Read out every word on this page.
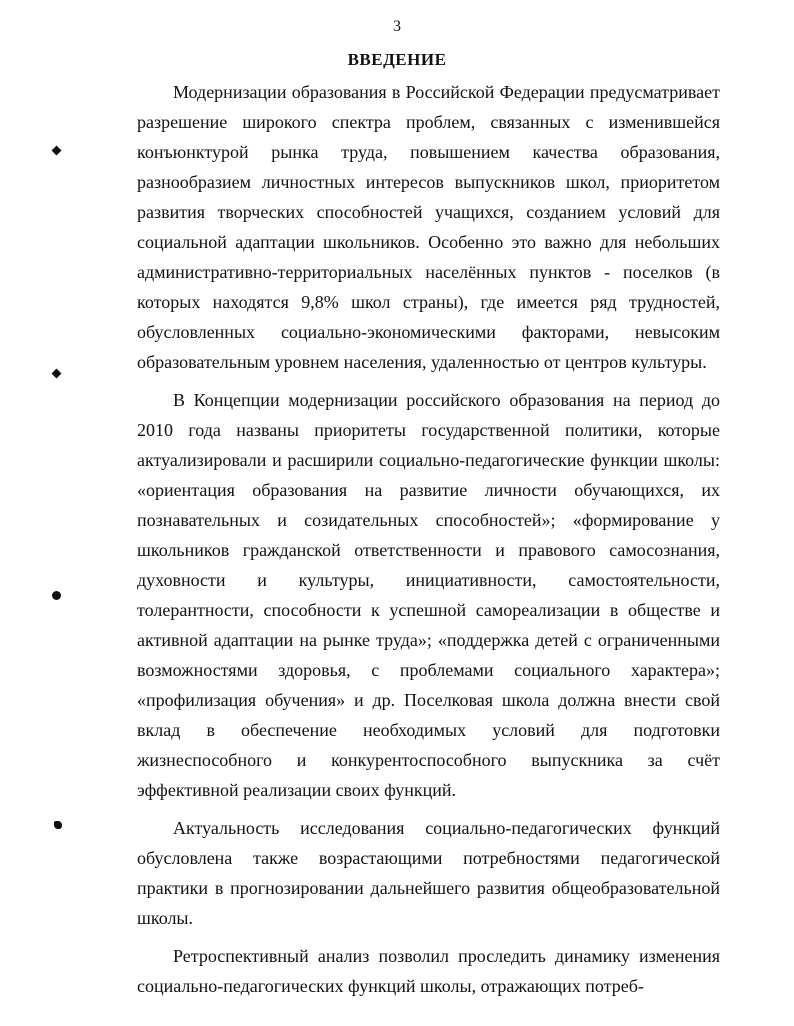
3
ВВЕДЕНИЕ

Модернизации образования в Российской Федерации предусматривает разрешение широкого спектра проблем, связанных с изменившейся конъюнктурой рынка труда, повышением качества образования, разнообразием личностных интересов выпускников школ, приоритетом развития творческих способностей учащихся, созданием условий для социальной адаптации школьников. Особенно это важно для небольших административно-территориальных населённых пунктов - поселков (в которых находятся 9,8% школ страны), где имеется ряд трудностей, обусловленных социально-экономическими факторами, невысоким образовательным уровнем населения, удаленностью от центров культуры.

В Концепции модернизации российского образования на период до 2010 года названы приоритеты государственной политики, которые актуализировали и расширили социально-педагогические функции школы: «ориентация образования на развитие личности обучающихся, их познавательных и созидательных способностей»; «формирование у школьников гражданской ответственности и правового самосознания, духовности и культуры, инициативности, самостоятельности, толерантности, способности к успешной самореализации в обществе и активной адаптации на рынке труда»; «поддержка детей с ограниченными возможностями здоровья, с проблемами социального характера»; «профилизация обучения» и др. Поселковая школа должна внести свой вклад в обеспечение необходимых условий для подготовки жизнеспособного и конкурентоспособного выпускника за счёт эффективной реализации своих функций.

Актуальность исследования социально-педагогических функций обусловлена также возрастающими потребностями педагогической практики в прогнозировании дальнейшего развития общеобразовательной школы.

Ретроспективный анализ позволил проследить динамику изменения социально-педагогических функций школы, отражающих потреб-
